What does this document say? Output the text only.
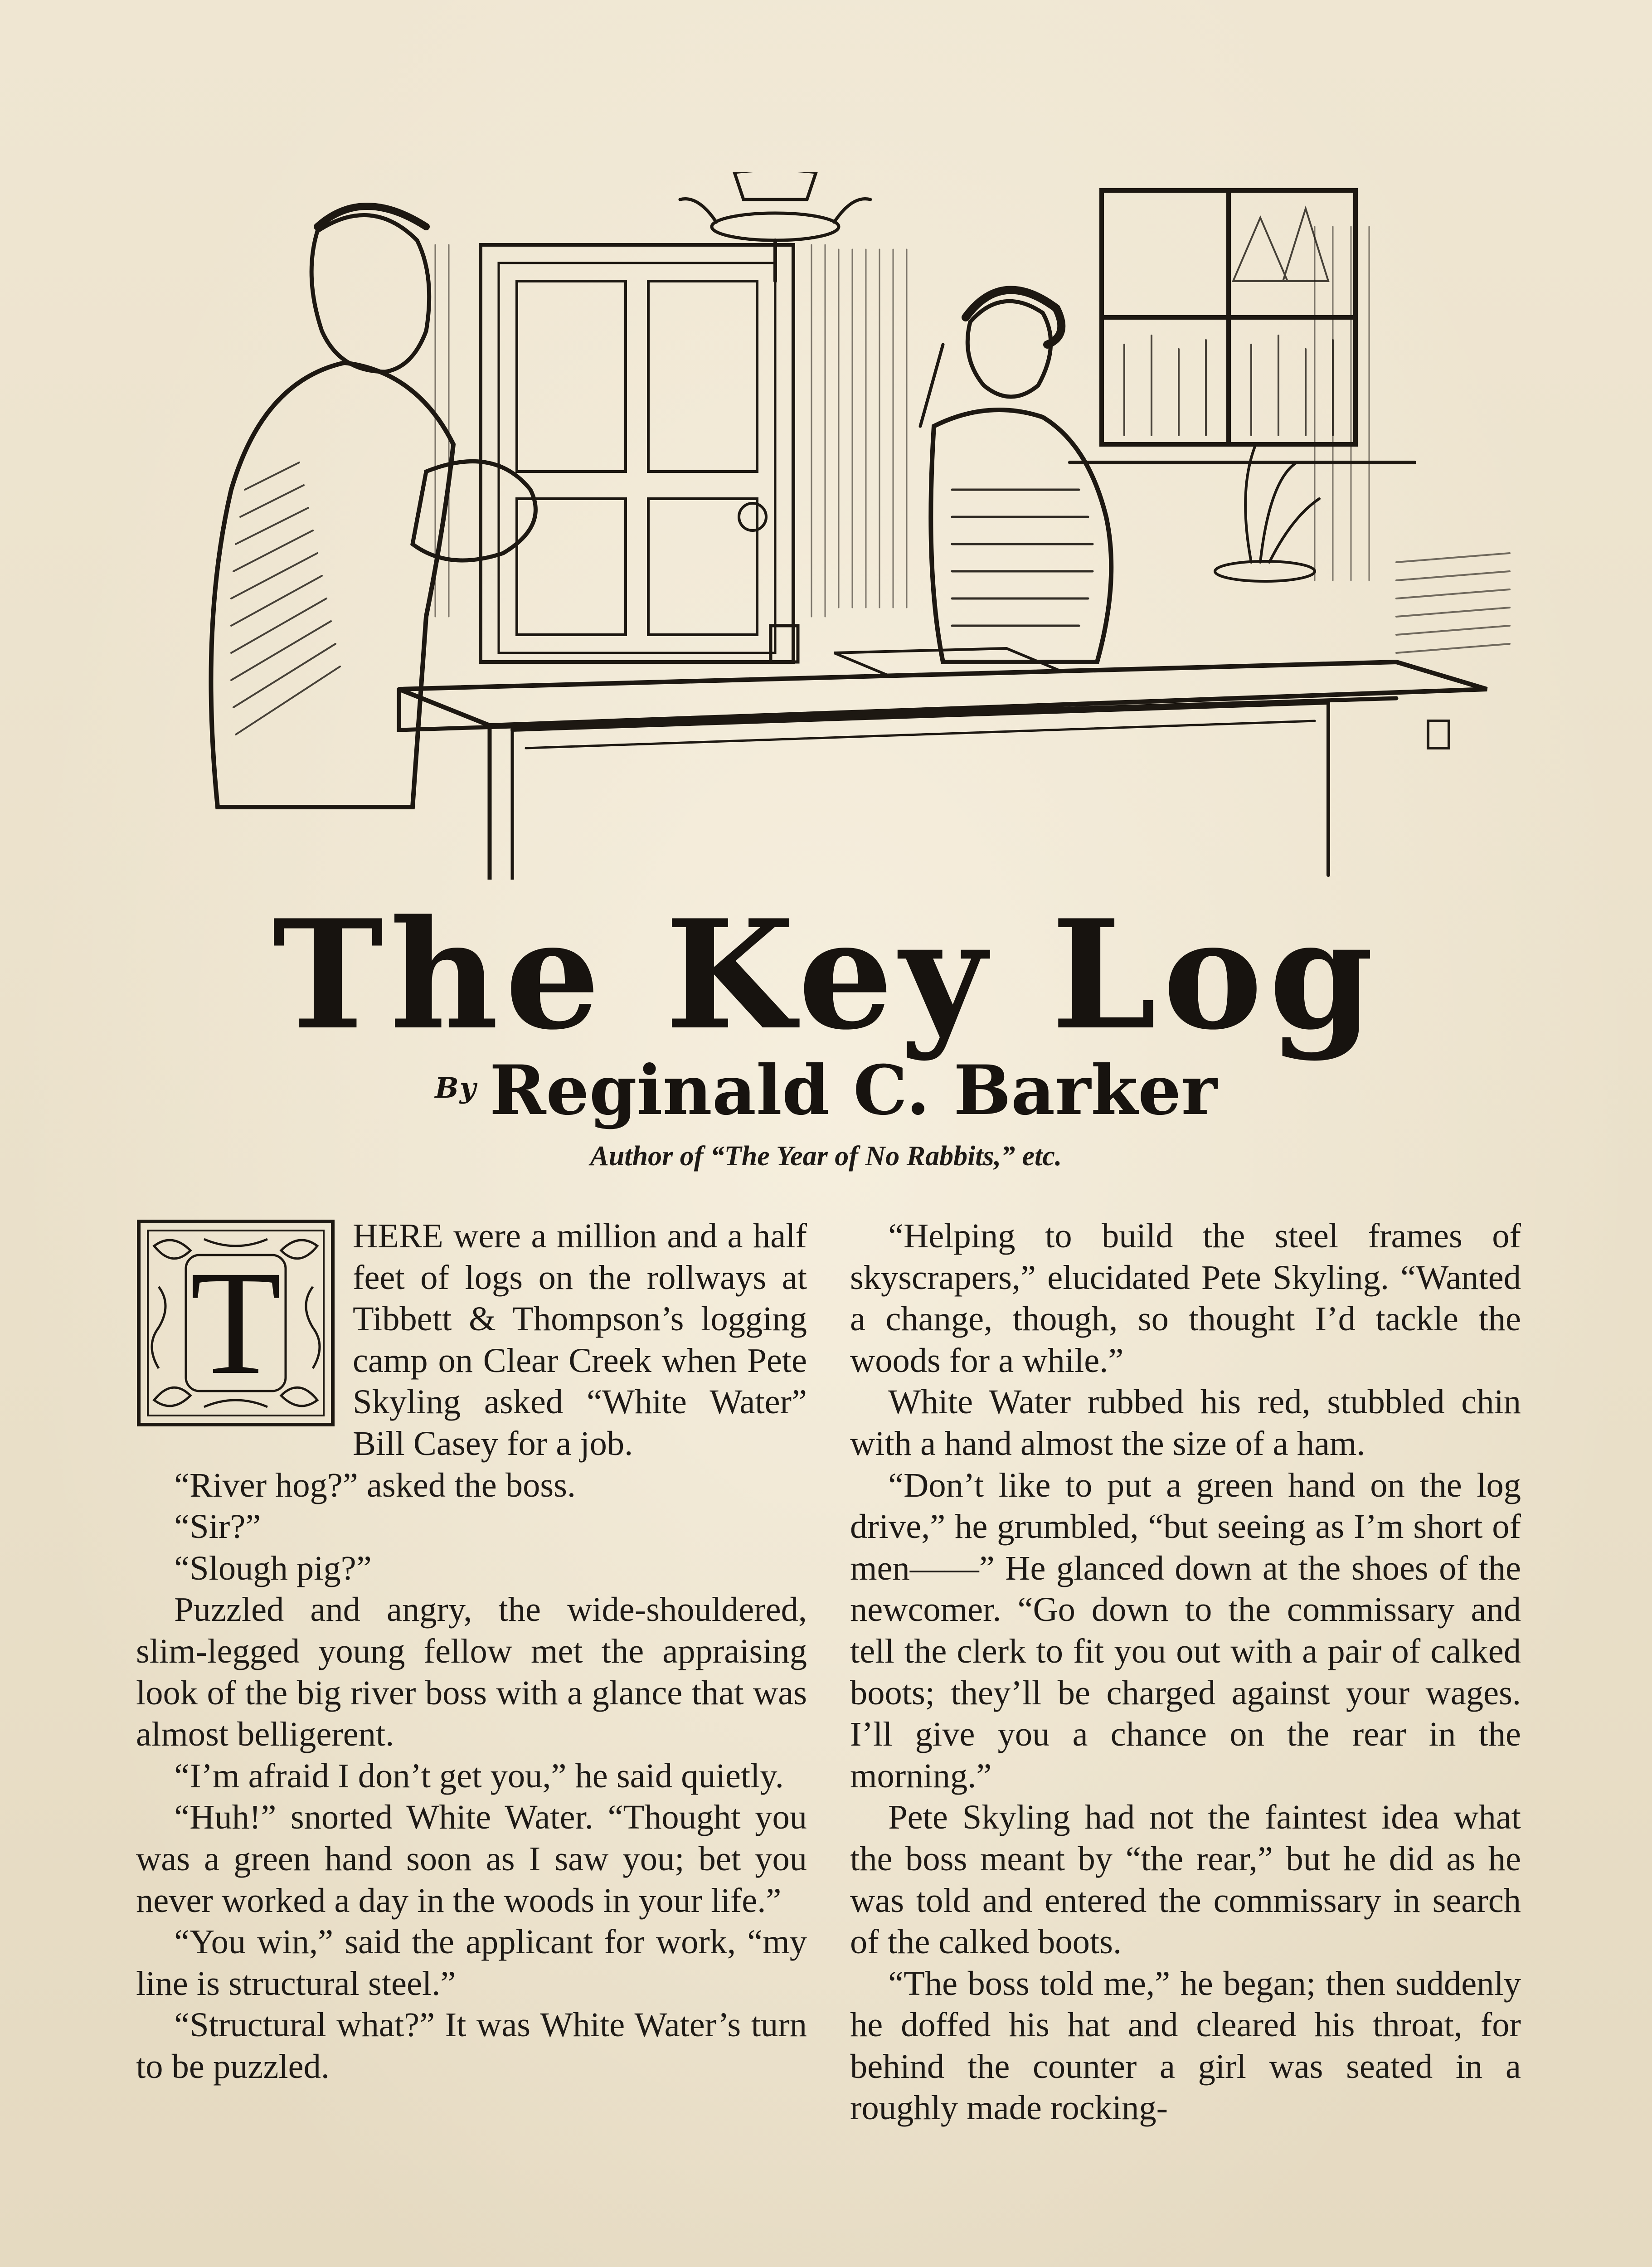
The Key Log
$^{By}$ Reginald C. Barker
Author of “The Year of No Rabbits,” etc.
T

HERE were a million and a half feet of logs on the rollways at Tibbett & Thompson’s logging camp on Clear Creek when Pete Skyling asked “White Water” Bill Casey for a job.

“River hog?” asked the boss.

“Sir?”

“Slough pig?”

Puzzled and angry, the wide-shouldered, slim-legged young fellow met the appraising look of the big river boss with a glance that was almost belligerent.

“I’m afraid I don’t get you,” he said quietly.

“Huh!” snorted White Water. “Thought you was a green hand soon as I saw you; bet you never worked a day in the woods in your life.”

“You win,” said the applicant for work, “my line is structural steel.”

“Structural what?” It was White Water’s turn to be puzzled.

“Helping to build the steel frames of skyscrapers,” elucidated Pete Skyling. “Wanted a change, though, so thought I’d tackle the woods for a while.”

White Water rubbed his red, stubbled chin with a hand almost the size of a ham.

“Don’t like to put a green hand on the log drive,” he grumbled, “but seeing as I’m short of men——” He glanced down at the shoes of the newcomer. “Go down to the commissary and tell the clerk to fit you out with a pair of calked boots; they’ll be charged against your wages. I’ll give you a chance on the rear in the morning.”

Pete Skyling had not the faintest idea what the boss meant by “the rear,” but he did as he was told and entered the commissary in search of the calked boots.

“The boss told me,” he began; then suddenly he doffed his hat and cleared his throat, for behind the counter a girl was seated in a roughly made rocking-
